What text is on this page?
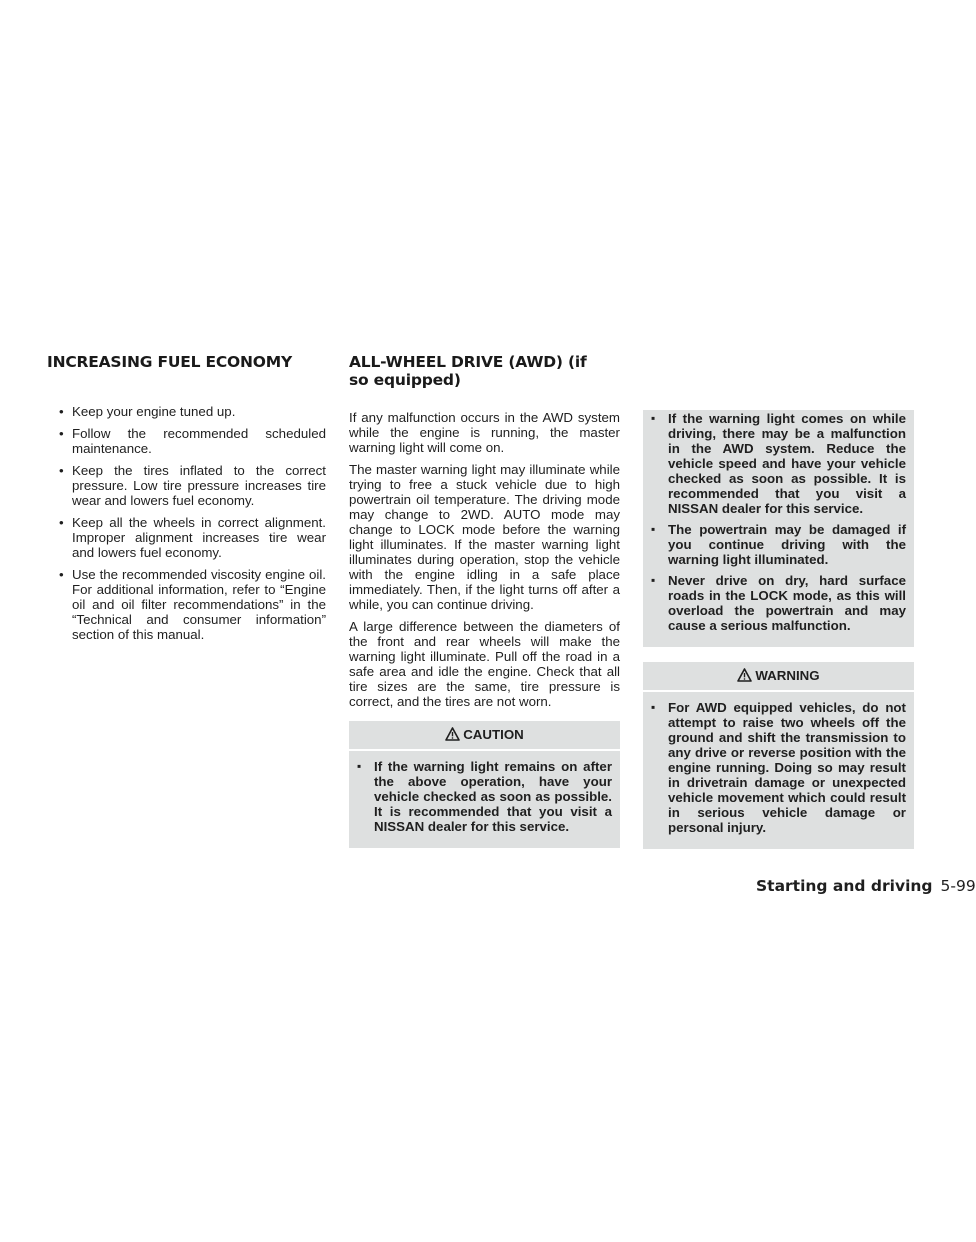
INCREASING FUEL ECONOMY	ALL-WHEEL DRIVE (AWD) (if so equipped)
• Keep your engine tuned up.
• Follow the recommended scheduled maintenance.
• Keep the tires inflated to the correct pressure. Low tire pressure increases tire wear and lowers fuel economy.
• Keep all the wheels in correct alignment. Improper alignment increases tire wear and lowers fuel economy.
• Use the recommended viscosity engine oil. For additional information, refer to “Engine oil and oil filter recommendations” in the “Technical and consumer information” section of this manual.

If any malfunction occurs in the AWD system while the engine is running, the master warning light will come on.

The master warning light may illuminate while trying to free a stuck vehicle due to high powertrain oil temperature. The driving mode may change to 2WD. AUTO mode may change to LOCK mode before the warning light illuminates. If the master warning light illuminates during operation, stop the vehicle with the engine idling in a safe place immediately. Then, if the light turns off after a while, you can continue driving.

A large difference between the diameters of the front and rear wheels will make the warning light illuminate. Pull off the road in a safe area and idle the engine. Check that all tire sizes are the same, tire pressure is correct, and the tires are not worn.

CAUTION
▪ If the warning light remains on after the above operation, have your vehicle checked as soon as possible. It is recommended that you visit a NISSAN dealer for this service.
▪ If the warning light comes on while driving, there may be a malfunction in the AWD system. Reduce the vehicle speed and have your vehicle checked as soon as possible. It is recommended that you visit a NISSAN dealer for this service.
▪ The powertrain may be damaged if you continue driving with the warning light illuminated.
▪ Never drive on dry, hard surface roads in the LOCK mode, as this will overload the powertrain and may cause a serious malfunction.
WARNING
▪ For AWD equipped vehicles, do not attempt to raise two wheels off the ground and shift the transmission to any drive or reverse position with the engine running. Doing so may result in drivetrain damage or unexpected vehicle movement which could result in serious vehicle damage or personal injury.
Starting and driving 5-99
